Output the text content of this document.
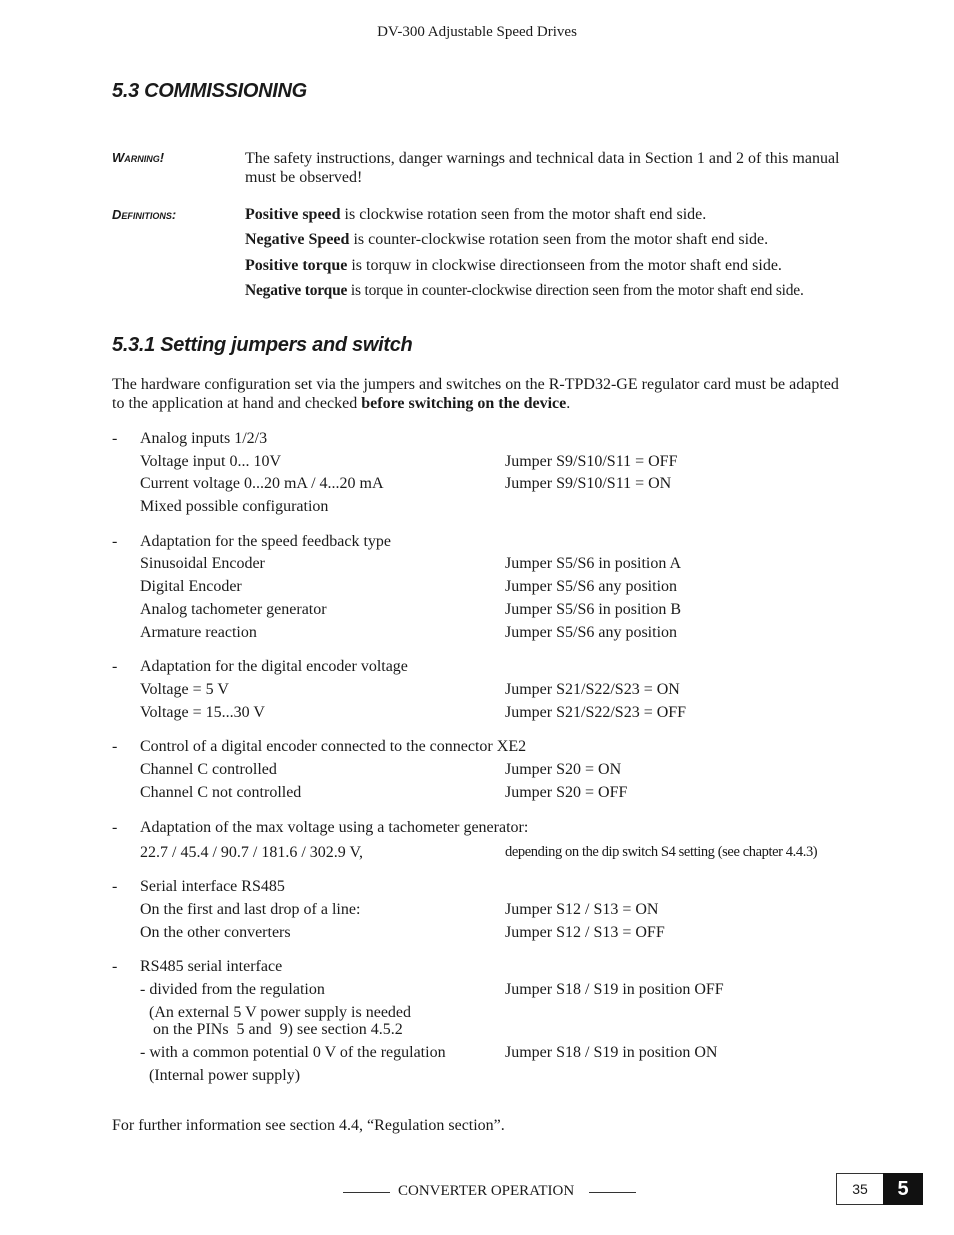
DV-300 Adjustable Speed Drives
5.3 COMMISSIONING
Warning!	The safety instructions, danger warnings and technical data in Section 1 and 2 of this manual
must be observed!
Definitions:	Positive speed is clockwise rotation seen from the motor shaft end side.
Negative Speed is counter-clockwise rotation seen from the motor shaft end side.
Positive torque is torquw in clockwise directionseen from the motor shaft end side.
Negative torque is torque in counter-clockwise direction seen from the motor shaft end side.
5.3.1 Setting jumpers and switch
The hardware configuration set via the jumpers and switches on the R-TPD32-GE regulator card must be adapted
to the application at hand and checked before switching on the device.
- Analog inputs 1/2/3
Voltage input 0... 10V	Jumper S9/S10/S11 = OFF
Current voltage 0...20 mA / 4...20 mA	Jumper S9/S10/S11 = ON
Mixed possible configuration
- Adaptation for the speed feedback type
Sinusoidal Encoder	Jumper S5/S6 in position A
Digital Encoder	Jumper S5/S6 any position
Analog tachometer generator	Jumper S5/S6 in position B
Armature reaction	Jumper S5/S6 any position
- Adaptation for the digital encoder voltage
Voltage = 5 V	Jumper S21/S22/S23 = ON
Voltage = 15...30 V	Jumper S21/S22/S23 = OFF
- Control of a digital encoder connected to the connector XE2
Channel C controlled	Jumper S20 = ON
Channel C not controlled	Jumper S20 = OFF
- Adaptation of the max voltage using a tachometer generator:
22.7 / 45.4 / 90.7 / 181.6 / 302.9 V,	depending on the dip switch S4 setting (see chapter 4.4.3)
- Serial interface RS485
On the first and last drop of a line:	Jumper S12 / S13 = ON
On the other converters	Jumper S12 / S13 = OFF
- RS485 serial interface
- divided from the regulation	Jumper S18 / S19 in position OFF
(An external 5 V power supply is needed
on the PINs  5 and  9) see section 4.5.2
- with a common potential 0 V of the regulation	Jumper S18 / S19 in position ON
(Internal power supply)
For further information see section 4.4, “Regulation section”.
CONVERTER OPERATION	35	5
